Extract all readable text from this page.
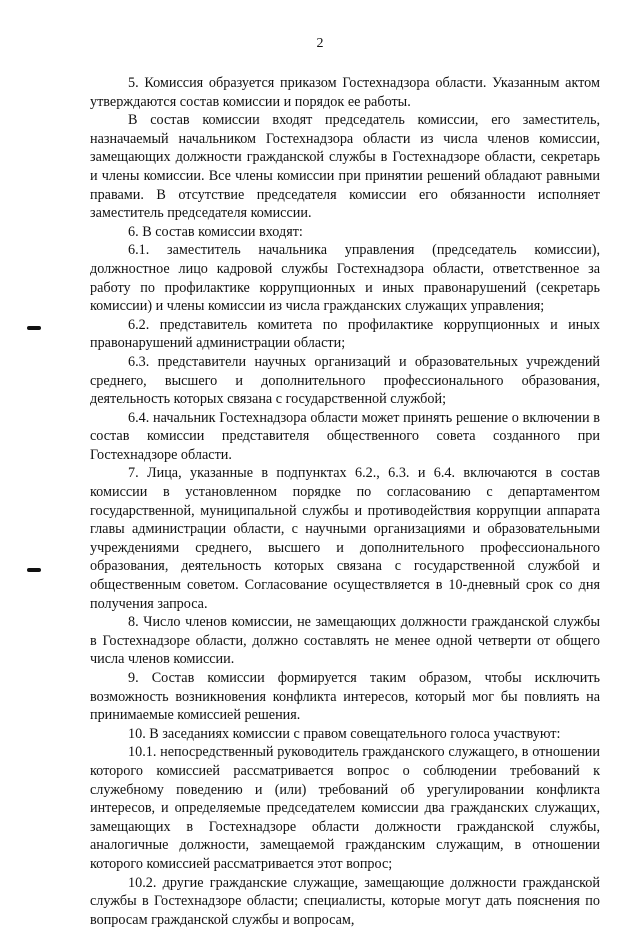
2

5. Комиссия образуется приказом Гостехнадзора области. Указанным актом утверждаются состав комиссии и порядок ее работы.

В состав комиссии входят председатель комиссии, его заместитель, назначаемый начальником Гостехнадзора области из числа членов комиссии, замещающих должности гражданской службы в Гостехнадзоре области, секретарь и члены комиссии. Все члены комиссии при принятии решений обладают равными правами. В отсутствие председателя комиссии его обязанности исполняет заместитель председателя комиссии.

6. В состав комиссии входят:

6.1. заместитель начальника управления (председатель комиссии), должностное лицо кадровой службы Гостехнадзора области, ответственное за работу по профилактике коррупционных и иных правонарушений (секретарь комиссии) и члены комиссии из числа гражданских служащих управления;

6.2. представитель комитета по профилактике коррупционных и иных правонарушений администрации области;

6.3. представители научных организаций и образовательных учреждений среднего, высшего и дополнительного профессионального образования, деятельность которых связана с государственной службой;

6.4. начальник Гостехнадзора области может принять решение о включении в состав комиссии представителя общественного совета созданного при Гостехнадзоре области.

7. Лица, указанные в подпунктах 6.2., 6.3. и 6.4. включаются в состав комиссии в установленном порядке по согласованию с департаментом государственной, муниципальной службы и противодействия коррупции аппарата главы администрации области, с научными организациями и образовательными учреждениями среднего, высшего и дополнительного профессионального образования, деятельность которых связана с государственной службой и общественным советом. Согласование осуществляется в 10-дневный срок со дня получения запроса.

8. Число членов комиссии, не замещающих должности гражданской службы в Гостехнадзоре области, должно составлять не менее одной четверти от общего числа членов комиссии.

9. Состав комиссии формируется таким образом, чтобы исключить возможность возникновения конфликта интересов, который мог бы повлиять на принимаемые комиссией решения.

10. В заседаниях комиссии с правом совещательного голоса участвуют:

10.1. непосредственный руководитель гражданского служащего, в отношении которого комиссией рассматривается вопрос о соблюдении требований к служебному поведению и (или) требований об урегулировании конфликта интересов, и определяемые председателем комиссии два гражданских служащих, замещающих в Гостехнадзоре области должности гражданской службы, аналогичные должности, замещаемой гражданским служащим, в отношении которого комиссией рассматривается этот вопрос;

10.2. другие гражданские служащие, замещающие должности гражданской службы в Гостехнадзоре области; специалисты, которые могут дать пояснения по вопросам гражданской службы и вопросам,
